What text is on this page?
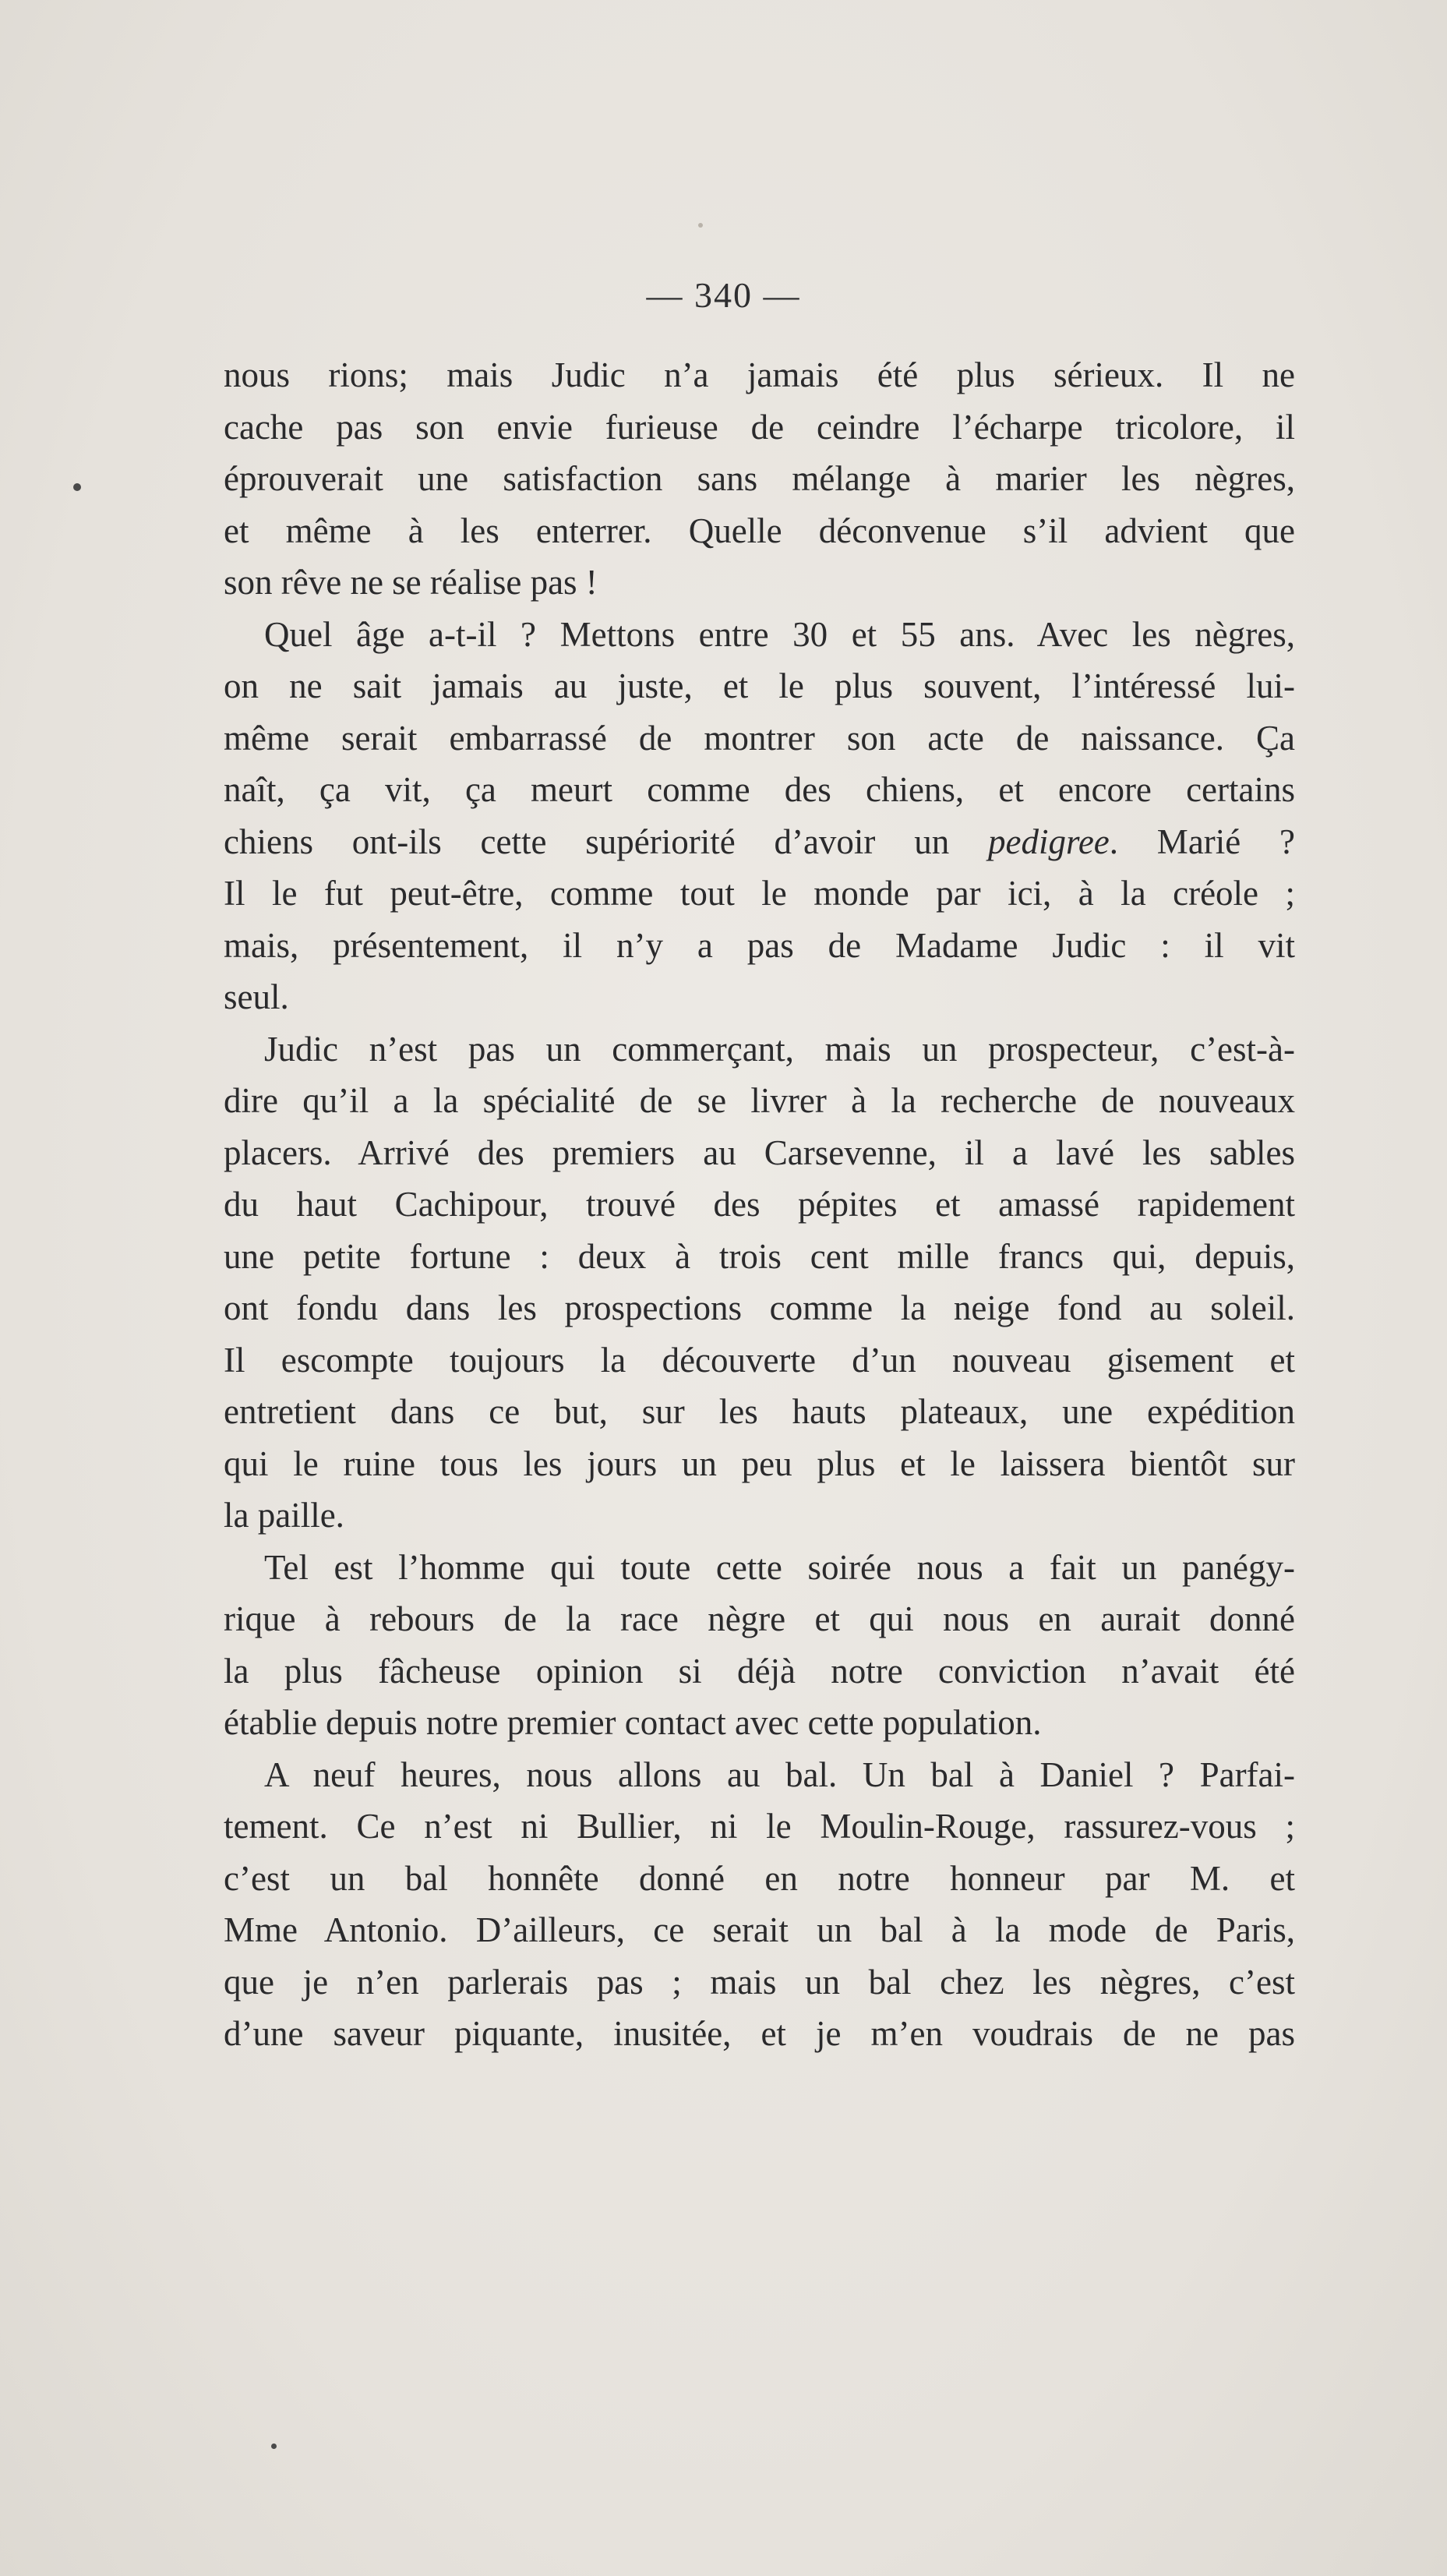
— 340 —
nous rions; mais Judic n’a jamais été plus sérieux. Il ne
cache pas son envie furieuse de ceindre l’écharpe tricolore, il
éprouverait une satisfaction sans mélange à marier les nègres,
et même à les enterrer. Quelle déconvenue s’il advient que
son rêve ne se réalise pas !
Quel âge a-t-il ? Mettons entre 30 et 55 ans. Avec les nègres,
on ne sait jamais au juste, et le plus souvent, l’intéressé lui-
même serait embarrassé de montrer son acte de naissance. Ça
naît, ça vit, ça meurt comme des chiens, et encore certains
chiens ont-ils cette supériorité d’avoir un pedigree. Marié ?
Il le fut peut-être, comme tout le monde par ici, à la créole ;
mais, présentement, il n’y a pas de Madame Judic : il vit
seul.
Judic n’est pas un commerçant, mais un prospecteur, c’est-à-
dire qu’il a la spécialité de se livrer à la recherche de nouveaux
placers. Arrivé des premiers au Carsevenne, il a lavé les sables
du haut Cachipour, trouvé des pépites et amassé rapidement
une petite fortune : deux à trois cent mille francs qui, depuis,
ont fondu dans les prospections comme la neige fond au soleil.
Il escompte toujours la découverte d’un nouveau gisement et
entretient dans ce but, sur les hauts plateaux, une expédition
qui le ruine tous les jours un peu plus et le laissera bientôt sur
la paille.
Tel est l’homme qui toute cette soirée nous a fait un panégy-
rique à rebours de la race nègre et qui nous en aurait donné
la plus fâcheuse opinion si déjà notre conviction n’avait été
établie depuis notre premier contact avec cette population.
A neuf heures, nous allons au bal. Un bal à Daniel ? Parfai-
tement. Ce n’est ni Bullier, ni le Moulin-Rouge, rassurez-vous ;
c’est un bal honnête donné en notre honneur par M. et
Mme Antonio. D’ailleurs, ce serait un bal à la mode de Paris,
que je n’en parlerais pas ; mais un bal chez les nègres, c’est
d’une saveur piquante, inusitée, et je m’en voudrais de ne pas
